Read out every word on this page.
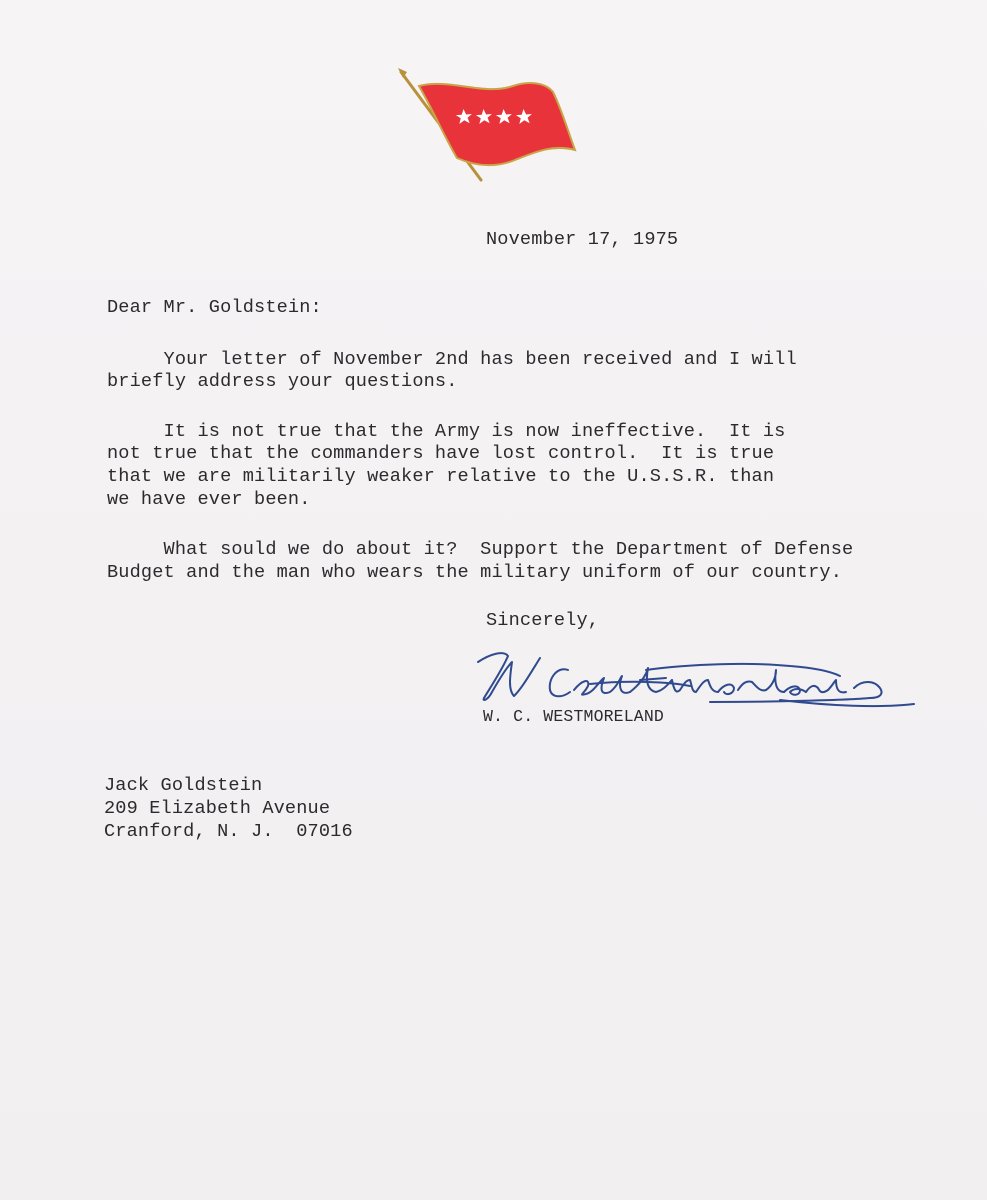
November 17, 1975
Dear Mr. Goldstein:
Your letter of November 2nd has been received and I will
briefly address your questions.
It is not true that the Army is now ineffective.  It is
not true that the commanders have lost control.  It is true
that we are militarily weaker relative to the U.S.S.R. than
we have ever been.
What sould we do about it?  Support the Department of Defense
Budget and the man who wears the military uniform of our country.
Sincerely,
W. C. WESTMORELAND
Jack Goldstein
209 Elizabeth Avenue
Cranford, N. J.  07016
